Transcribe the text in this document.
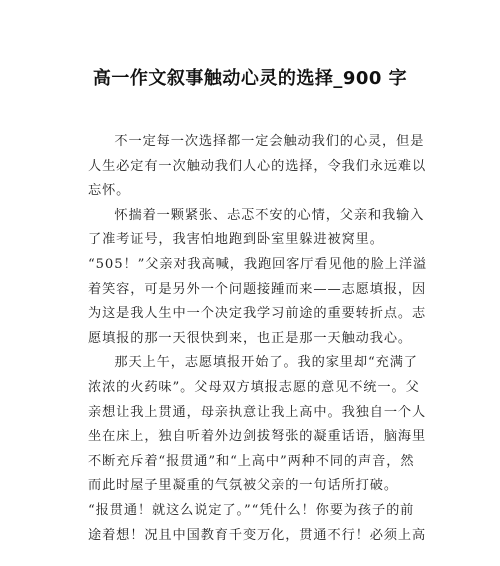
高一作文叙事触动心灵的选择_900 字

不一定每一次选择都一定会触动我们的心灵，但是人生必定有一次触动我们人心的选择，令我们永远难以忘怀。

怀揣着一颗紧张、忐忑不安的心情，父亲和我输入了准考证号，我害怕地跑到卧室里躲进被窝里。

“505！”父亲对我高喊，我跑回客厅看见他的脸上洋溢着笑容，可是另外一个问题接踵而来——志愿填报，因为这是我人生中一个决定我学习前途的重要转折点。志愿填报的那一天很快到来，也正是那一天触动我心。

那天上午，志愿填报开始了。我的家里却“充满了浓浓的火药味”。父母双方填报志愿的意见不统一。父亲想让我上贯通，母亲执意让我上高中。我独自一个人坐在床上，独自听着外边剑拔弩张的凝重话语，脑海里不断充斥着“报贯通”和“上高中”两种不同的声音，然而此时屋子里凝重的气氛被父亲的一句话所打破。

“报贯通！就这么说定了。”“凭什么！你要为孩子的前途着想！况且中国教育千变万化，贯通不行！必须上高
